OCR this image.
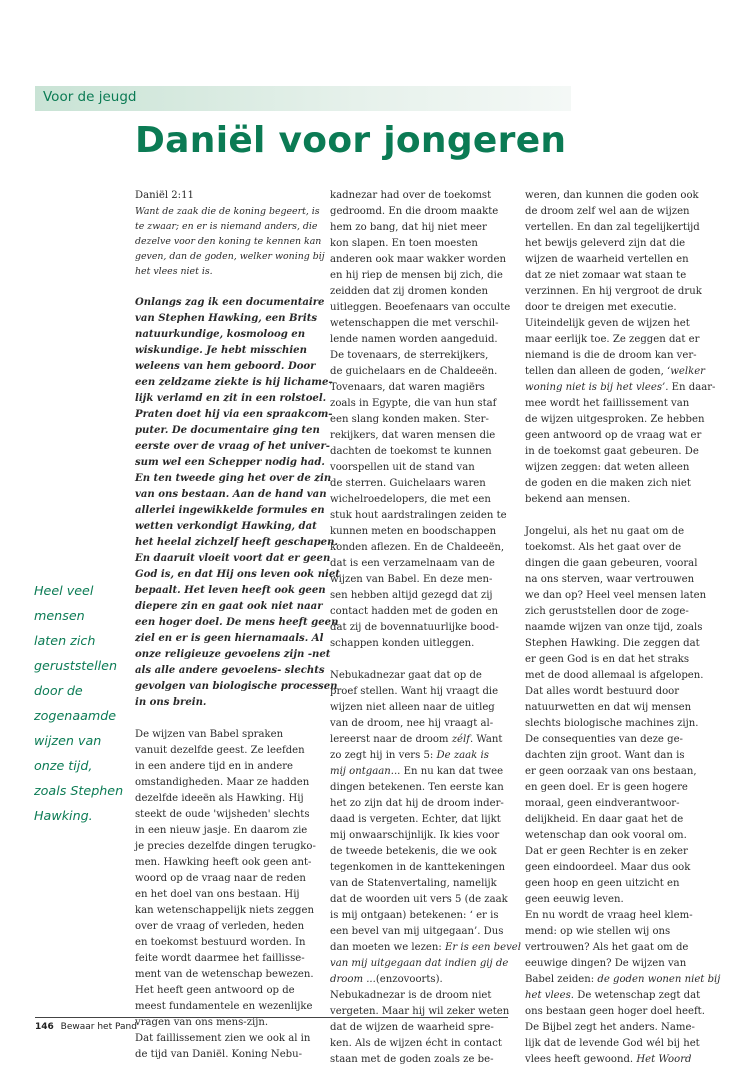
Voor de jeugd
Daniël voor jongeren
Heel veel
mensen
laten zich
geruststellen
door de
zogenaamde
wijzen van
onze tijd,
zoals Stephen
Hawking.
Daniël 2:11
Want de zaak die de koning begeert, is
te zwaar; en er is niemand anders, die
dezelve voor den koning te kennen kan
geven, dan de goden, welker woning bij
het vlees niet is.

Onlangs zag ik een documentaire
van Stephen Hawking, een Brits
natuurkundige, kosmoloog en
wiskundige. Je hebt misschien
weleens van hem geboord. Door
een zeldzame ziekte is hij lichame-
lijk verlamd en zit in een rolstoel.
Praten doet hij via een spraakcom-
puter. De documentaire ging ten
eerste over de vraag of het univer-
sum wel een Schepper nodig had.
En ten tweede ging het over de zin
van ons bestaan. Aan de hand van
allerlei ingewikkelde formules en
wetten verkondigt Hawking, dat
het heelal zichzelf heeft geschapen.
En daaruit vloeit voort dat er geen
God is, en dat Hij ons leven ook niet
bepaalt. Het leven heeft ook geen
diepere zin en gaat ook niet naar
een hoger doel. De mens heeft geen
ziel en er is geen hiernamaals. Al
onze religieuze gevoelens zijn -net
als alle andere gevoelens- slechts
gevolgen van biologische processen
in ons brein.

De wijzen van Babel spraken
vanuit dezelfde geest. Ze leefden
in een andere tijd en in andere
omstandigheden. Maar ze hadden
dezelfde ideeën als Hawking. Hij
steekt de oude 'wijsheden' slechts
in een nieuw jasje. En daarom zie
je precies dezelfde dingen terugko-
men. Hawking heeft ook geen ant-
woord op de vraag naar de reden
en het doel van ons bestaan. Hij
kan wetenschappelijk niets zeggen
over de vraag of verleden, heden
en toekomst bestuurd worden. In
feite wordt daarmee het faillisse-
ment van de wetenschap bewezen.
Het heeft geen antwoord op de
meest fundamentele en wezenlijke
vragen van ons mens-zijn.
Dat faillissement zien we ook al in
de tijd van Daniël. Koning Nebu-

kadnezar had over de toekomst
gedroomd. En die droom maakte
hem zo bang, dat hij niet meer
kon slapen. En toen moesten
anderen ook maar wakker worden
en hij riep de mensen bij zich, die
zeidden dat zij dromen konden
uitleggen. Beoefenaars van occulte
wetenschappen die met verschil-
lende namen worden aangeduid.
De tovenaars, de sterrekijkers,
de guichelaars en de Chaldeeën.
Tovenaars, dat waren magiërs
zoals in Egypte, die van hun staf
een slang konden maken. Ster-
rekijkers, dat waren mensen die
dachten de toekomst te kunnen
voorspellen uit de stand van
de sterren. Guichelaars waren
wichelroedelopers, die met een
stuk hout aardstralingen zeiden te
kunnen meten en boodschappen
konden aflezen. En de Chaldeeën,
dat is een verzamelnaam van de
wijzen van Babel. En deze men-
sen hebben altijd gezegd dat zij
contact hadden met de goden en
dat zij de bovennatuurlijke bood-
schappen konden uitleggen.

Nebukadnezar gaat dat op de
proef stellen. Want hij vraagt die
wijzen niet alleen naar de uitleg
van de droom, nee hij vraagt al-
lereerst naar de droom zélf. Want
zo zegt hij in vers 5: De zaak is
mij ontgaan... En nu kan dat twee
dingen betekenen. Ten eerste kan
het zo zijn dat hij de droom inder-
daad is vergeten. Echter, dat lijkt
mij onwaarschijnlijk. Ik kies voor
de tweede betekenis, die we ook
tegenkomen in de kanttekeningen
van de Statenvertaling, namelijk
dat de woorden uit vers 5 (de zaak
is mij ontgaan) betekenen: ‘ er is
een bevel van mij uitgegaan’. Dus
dan moeten we lezen: Er is een bevel
van mij uitgegaan dat indien gij de
droom ...(enzovoorts).
Nebukadnezar is de droom niet
vergeten. Maar hij wil zeker weten
dat de wijzen de waarheid spre-
ken. Als de wijzen écht in contact
staan met de goden zoals ze be-

weren, dan kunnen die goden ook
de droom zelf wel aan de wijzen
vertellen. En dan zal tegelijkertijd
het bewijs geleverd zijn dat die
wijzen de waarheid vertellen en
dat ze niet zomaar wat staan te
verzinnen. En hij vergroot de druk
door te dreigen met executie.
Uiteindelijk geven de wijzen het
maar eerlijk toe. Ze zeggen dat er
niemand is die de droom kan ver-
tellen dan alleen de goden, ‘welker
woning niet is bij het vlees’. En daar-
mee wordt het faillissement van
de wijzen uitgesproken. Ze hebben
geen antwoord op de vraag wat er
in de toekomst gaat gebeuren. De
wijzen zeggen: dat weten alleen
de goden en die maken zich niet
bekend aan mensen.

Jongelui, als het nu gaat om de
toekomst. Als het gaat over de
dingen die gaan gebeuren, vooral
na ons sterven, waar vertrouwen
we dan op? Heel veel mensen laten
zich geruststellen door de zoge-
naamde wijzen van onze tijd, zoals
Stephen Hawking. Die zeggen dat
er geen God is en dat het straks
met de dood allemaal is afgelopen.
Dat alles wordt bestuurd door
natuurwetten en dat wij mensen
slechts biologische machines zijn.
De consequenties van deze ge-
dachten zijn groot. Want dan is
er geen oorzaak van ons bestaan,
en geen doel. Er is geen hogere
moraal, geen eindverantwoor-
delijkheid. En daar gaat het de
wetenschap dan ook vooral om.
Dat er geen Rechter is en zeker
geen eindoordeel. Maar dus ook
geen hoop en geen uitzicht en
geen eeuwig leven.
En nu wordt de vraag heel klem-
mend: op wie stellen wij ons
vertrouwen? Als het gaat om de
eeuwige dingen? De wijzen van
Babel zeiden: de goden wonen niet bij
het vlees. De wetenschap zegt dat
ons bestaan geen hoger doel heeft.
De Bijbel zegt het anders. Name-
lijk dat de levende God wél bij het
vlees heeft gewoond. Het Woord

146 Bewaar het Pand
